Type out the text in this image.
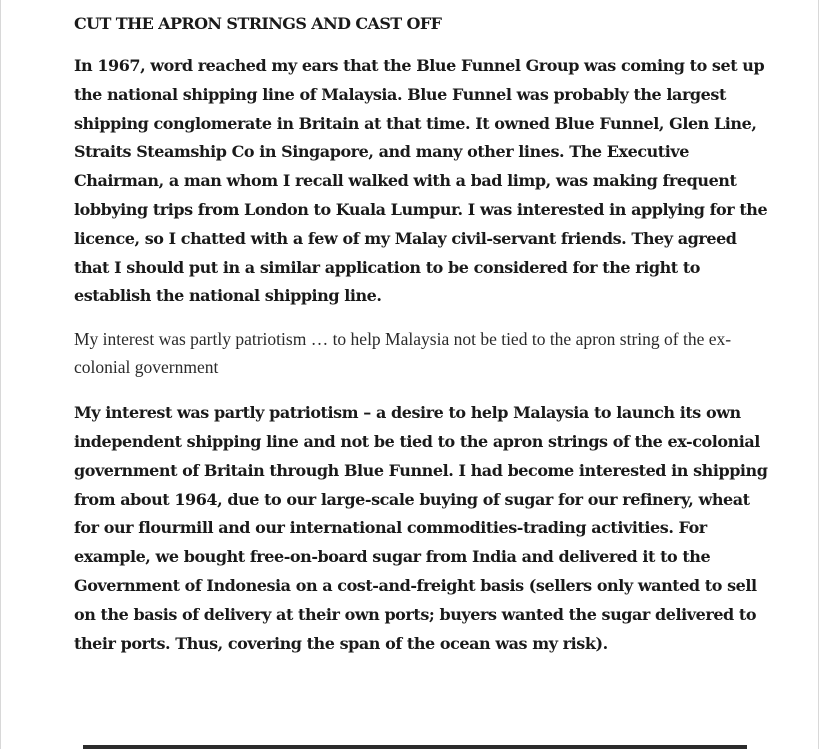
CUT THE APRON STRINGS AND CAST OFF

In 1967, word reached my ears that the Blue Funnel Group was coming to set up the national shipping line of Malaysia. Blue Funnel was probably the largest shipping conglomerate in Britain at that time. It owned Blue Funnel, Glen Line, Straits Steamship Co in Singapore, and many other lines. The Executive Chairman, a man whom I recall walked with a bad limp, was making frequent lobbying trips from London to Kuala Lumpur. I was interested in applying for the licence, so I chatted with a few of my Malay civil-servant friends. They agreed that I should put in a similar application to be considered for the right to establish the national shipping line.

My interest was partly patriotism … to help Malaysia not be tied to the apron string of the ex-colonial government

My interest was partly patriotism – a desire to help Malaysia to launch its own independent shipping line and not be tied to the apron strings of the ex-colonial government of Britain through Blue Funnel. I had become interested in shipping from about 1964, due to our large-scale buying of sugar for our refinery, wheat for our flourmill and our international commodities-trading activities. For example, we bought free-on-board sugar from India and delivered it to the Government of Indonesia on a cost-and-freight basis (sellers only wanted to sell on the basis of delivery at their own ports; buyers wanted the sugar delivered to their ports. Thus, covering the span of the ocean was my risk).
